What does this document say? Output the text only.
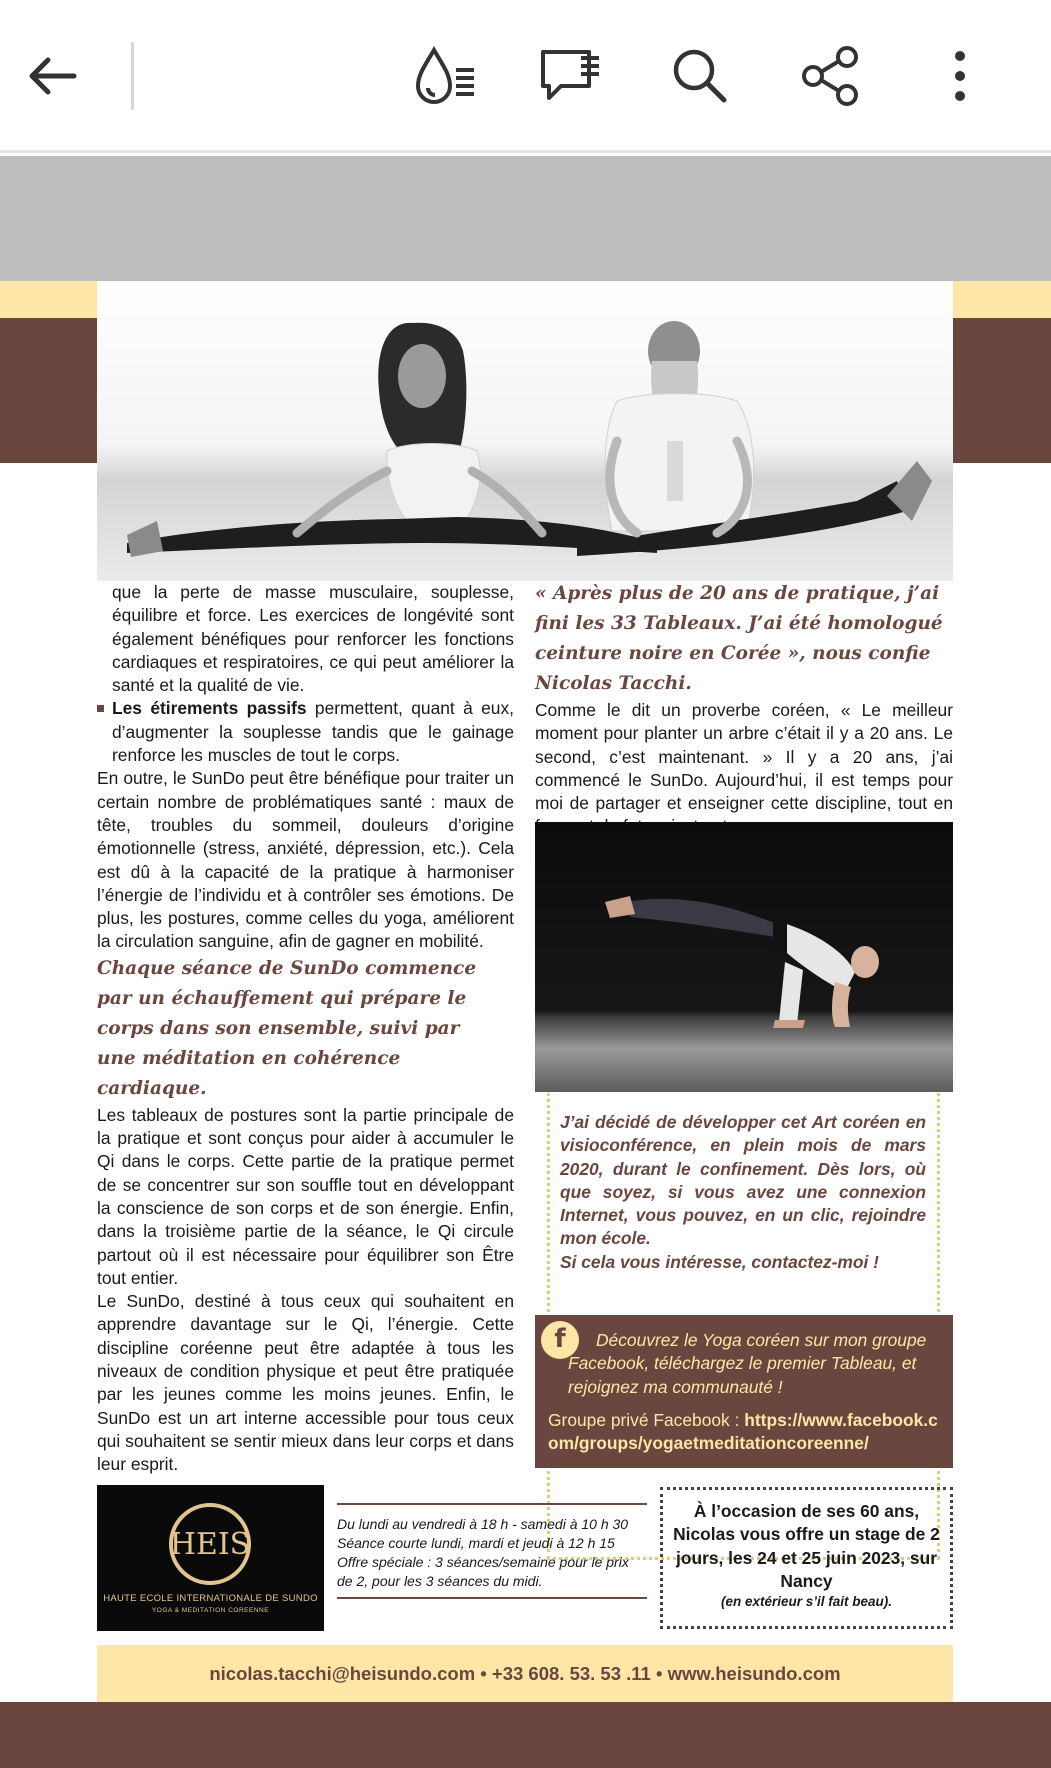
que la perte de masse musculaire, souplesse, équilibre et force. Les exercices de longévité sont également bénéfiques pour renforcer les fonctions cardiaques et respiratoires, ce qui peut améliorer la santé et la qualité de vie.

Les étirements passifs permettent, quant à eux, d’augmenter la souplesse tandis que le gainage renforce les muscles de tout le corps.

En outre, le SunDo peut être bénéfique pour traiter un certain nombre de problématiques santé : maux de tête, troubles du sommeil, douleurs d’origine émotionnelle (stress, anxiété, dépression, etc.). Cela est dû à la capacité de la pratique à harmoniser l’énergie de l’individu et à contrôler ses émotions. De plus, les postures, comme celles du yoga, améliorent la circulation sanguine, afin de gagner en mobilité.

Chaque séance de SunDo commence par un échauffement qui prépare le corps dans son ensemble, suivi par une méditation en cohérence cardiaque.

Les tableaux de postures sont la partie principale de la pratique et sont conçus pour aider à accumuler le Qi dans le corps. Cette partie de la pratique permet de se concentrer sur son souffle tout en développant la conscience de son corps et de son énergie. Enfin, dans la troisième partie de la séance, le Qi circule partout où il est nécessaire pour équilibrer son Être tout entier.

Le SunDo, destiné à tous ceux qui souhaitent en apprendre davantage sur le Qi, l’énergie. Cette discipline coréenne peut être adaptée à tous les niveaux de condition physique et peut être pratiquée par les jeunes comme les moins jeunes. Enfin, le SunDo est un art interne accessible pour tous ceux qui souhaitent se sentir mieux dans leur corps et dans leur esprit.

« Après plus de 20 ans de pratique, j’ai fini les 33 Tableaux. J’ai été homologué ceinture noire en Corée », nous confie Nicolas Tacchi.

Comme le dit un proverbe coréen, « Le meilleur moment pour planter un arbre c’était il y a 20 ans. Le second, c’est maintenant. » Il y a 20 ans, j’ai commencé le SunDo. Aujourd’hui, il est temps pour moi de partager et enseigner cette discipline, tout en

J’ai décidé de développer cet Art coréen en visioconférence, en plein mois de mars 2020, durant le confinement. Dès lors, où que soyez, si vous avez une connexion Internet, vous pouvez, en un clic, rejoindre mon école.
Si cela vous intéresse, contactez-moi !
f	Découvrez le Yoga coréen sur mon groupe Facebook, téléchargez le premier Tableau, et rejoignez ma communauté !
Groupe privé Facebook : https://www.facebook.com/groups/yogaetmeditationcoreenne/
HEIS
HAUTE ECOLE INTERNATIONALE DE SUNDO
YOGA & MEDITATION COREENNE
Du lundi au vendredi à 18 h - samedi à 10 h 30
Séance courte lundi, mardi et jeudi à 12 h 15
Offre spéciale : 3 séances/semaine pour le prix de 2, pour les 3 séances du midi.
À l’occasion de ses 60 ans, Nicolas vous offre un stage de 2 jours, les 24 et 25 juin 2023, sur Nancy
(en extérieur s’il fait beau).
nicolas.tacchi@heisundo.com • +33 608. 53. 53 .11 • www.heisundo.com
